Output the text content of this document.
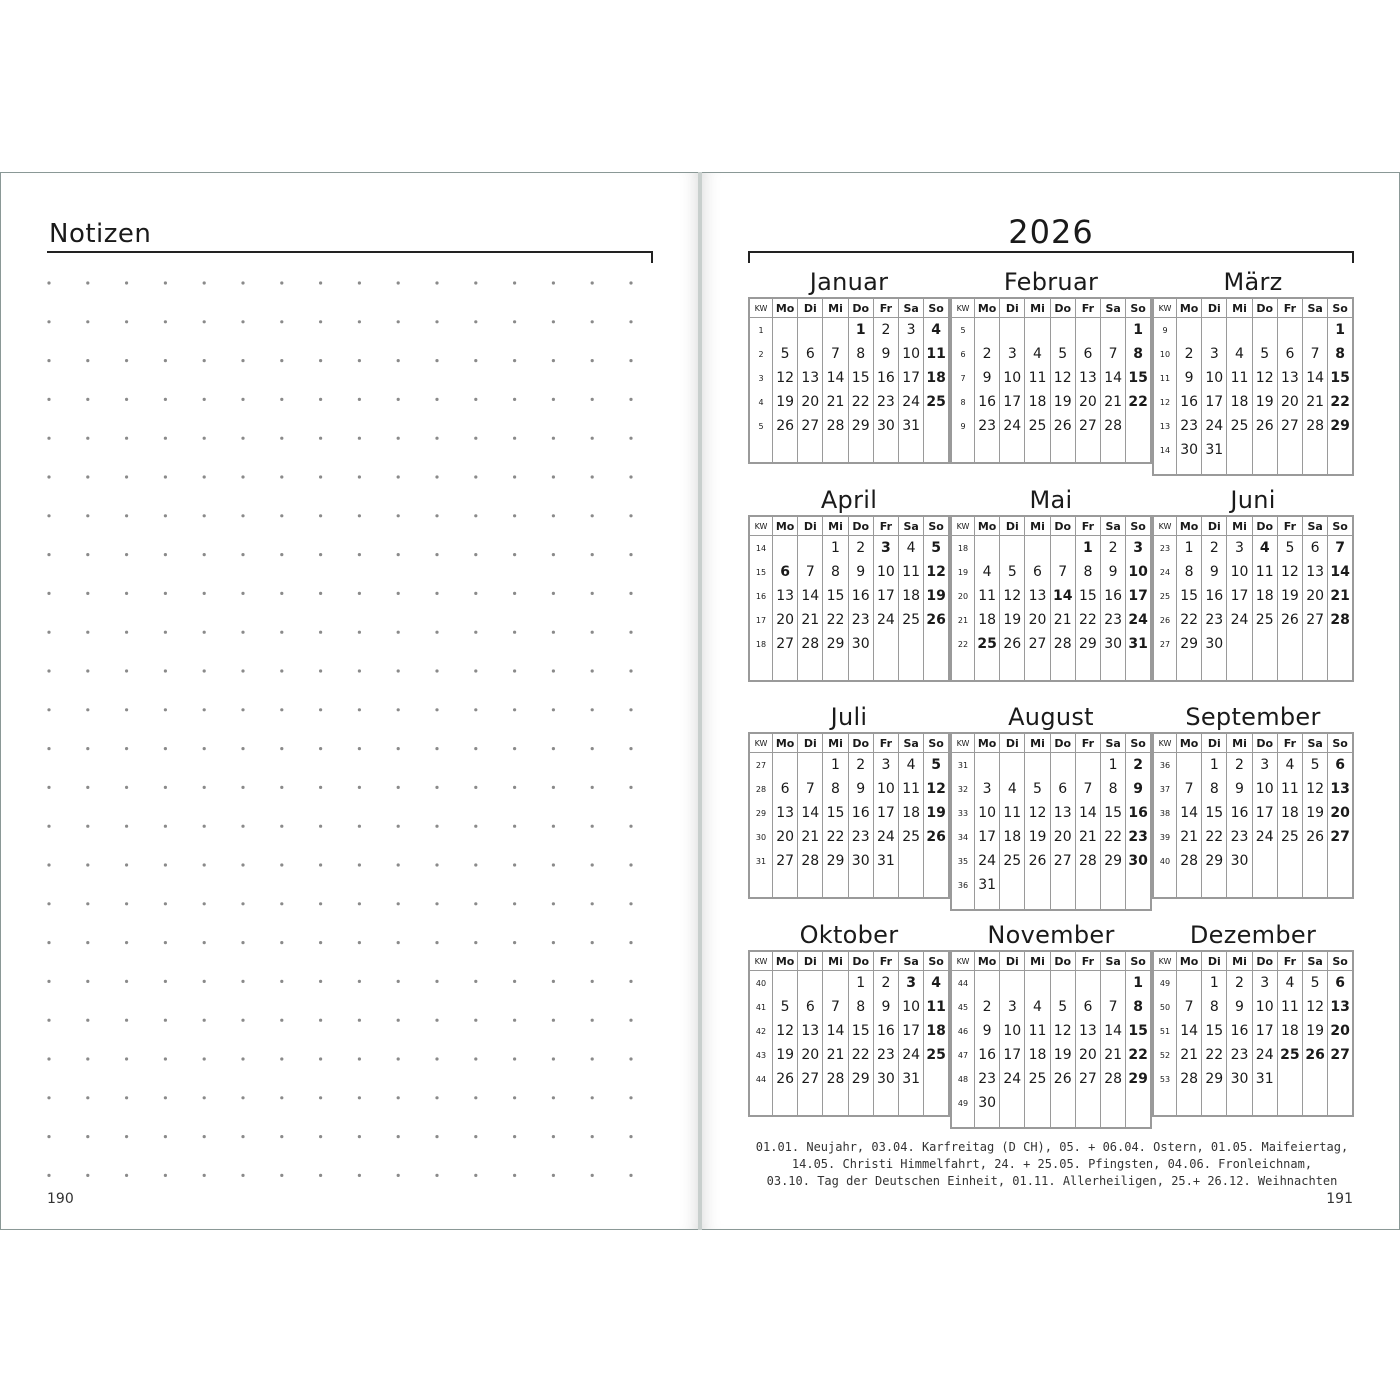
Notizen
190
2026
Januar
KW	Mo	Di	Mi	Do	Fr	Sa	So
1				1	2	3	4
2	5	6	7	8	9	10	11
3	12	13	14	15	16	17	18
4	19	20	21	22	23	24	25
5	26	27	28	29	30	31	

Februar
KW	Mo	Di	Mi	Do	Fr	Sa	So
5							1
6	2	3	4	5	6	7	8
7	9	10	11	12	13	14	15
8	16	17	18	19	20	21	22
9	23	24	25	26	27	28	

März
KW	Mo	Di	Mi	Do	Fr	Sa	So
9							1
10	2	3	4	5	6	7	8
11	9	10	11	12	13	14	15
12	16	17	18	19	20	21	22
13	23	24	25	26	27	28	29
14	30	31					

April
KW	Mo	Di	Mi	Do	Fr	Sa	So
14			1	2	3	4	5
15	6	7	8	9	10	11	12
16	13	14	15	16	17	18	19
17	20	21	22	23	24	25	26
18	27	28	29	30			

Mai
KW	Mo	Di	Mi	Do	Fr	Sa	So
18					1	2	3
19	4	5	6	7	8	9	10
20	11	12	13	14	15	16	17
21	18	19	20	21	22	23	24
22	25	26	27	28	29	30	31

Juni
KW	Mo	Di	Mi	Do	Fr	Sa	So
23	1	2	3	4	5	6	7
24	8	9	10	11	12	13	14
25	15	16	17	18	19	20	21
26	22	23	24	25	26	27	28
27	29	30					

Juli
KW	Mo	Di	Mi	Do	Fr	Sa	So
27			1	2	3	4	5
28	6	7	8	9	10	11	12
29	13	14	15	16	17	18	19
30	20	21	22	23	24	25	26
31	27	28	29	30	31		

August
KW	Mo	Di	Mi	Do	Fr	Sa	So
31						1	2
32	3	4	5	6	7	8	9
33	10	11	12	13	14	15	16
34	17	18	19	20	21	22	23
35	24	25	26	27	28	29	30
36	31						

September
KW	Mo	Di	Mi	Do	Fr	Sa	So
36		1	2	3	4	5	6
37	7	8	9	10	11	12	13
38	14	15	16	17	18	19	20
39	21	22	23	24	25	26	27
40	28	29	30				

Oktober
KW	Mo	Di	Mi	Do	Fr	Sa	So
40				1	2	3	4
41	5	6	7	8	9	10	11
42	12	13	14	15	16	17	18
43	19	20	21	22	23	24	25
44	26	27	28	29	30	31	

November
KW	Mo	Di	Mi	Do	Fr	Sa	So
44							1
45	2	3	4	5	6	7	8
46	9	10	11	12	13	14	15
47	16	17	18	19	20	21	22
48	23	24	25	26	27	28	29
49	30						

Dezember
KW	Mo	Di	Mi	Do	Fr	Sa	So
49		1	2	3	4	5	6
50	7	8	9	10	11	12	13
51	14	15	16	17	18	19	20
52	21	22	23	24	25	26	27
53	28	29	30	31			

01.01. Neujahr, 03.04. Karfreitag (D CH), 05. + 06.04. Ostern, 01.05. Maifeiertag,
14.05. Christi Himmelfahrt, 24. + 25.05. Pfingsten, 04.06. Fronleichnam,
03.10. Tag der Deutschen Einheit, 01.11. Allerheiligen, 25.+ 26.12. Weihnachten
191
